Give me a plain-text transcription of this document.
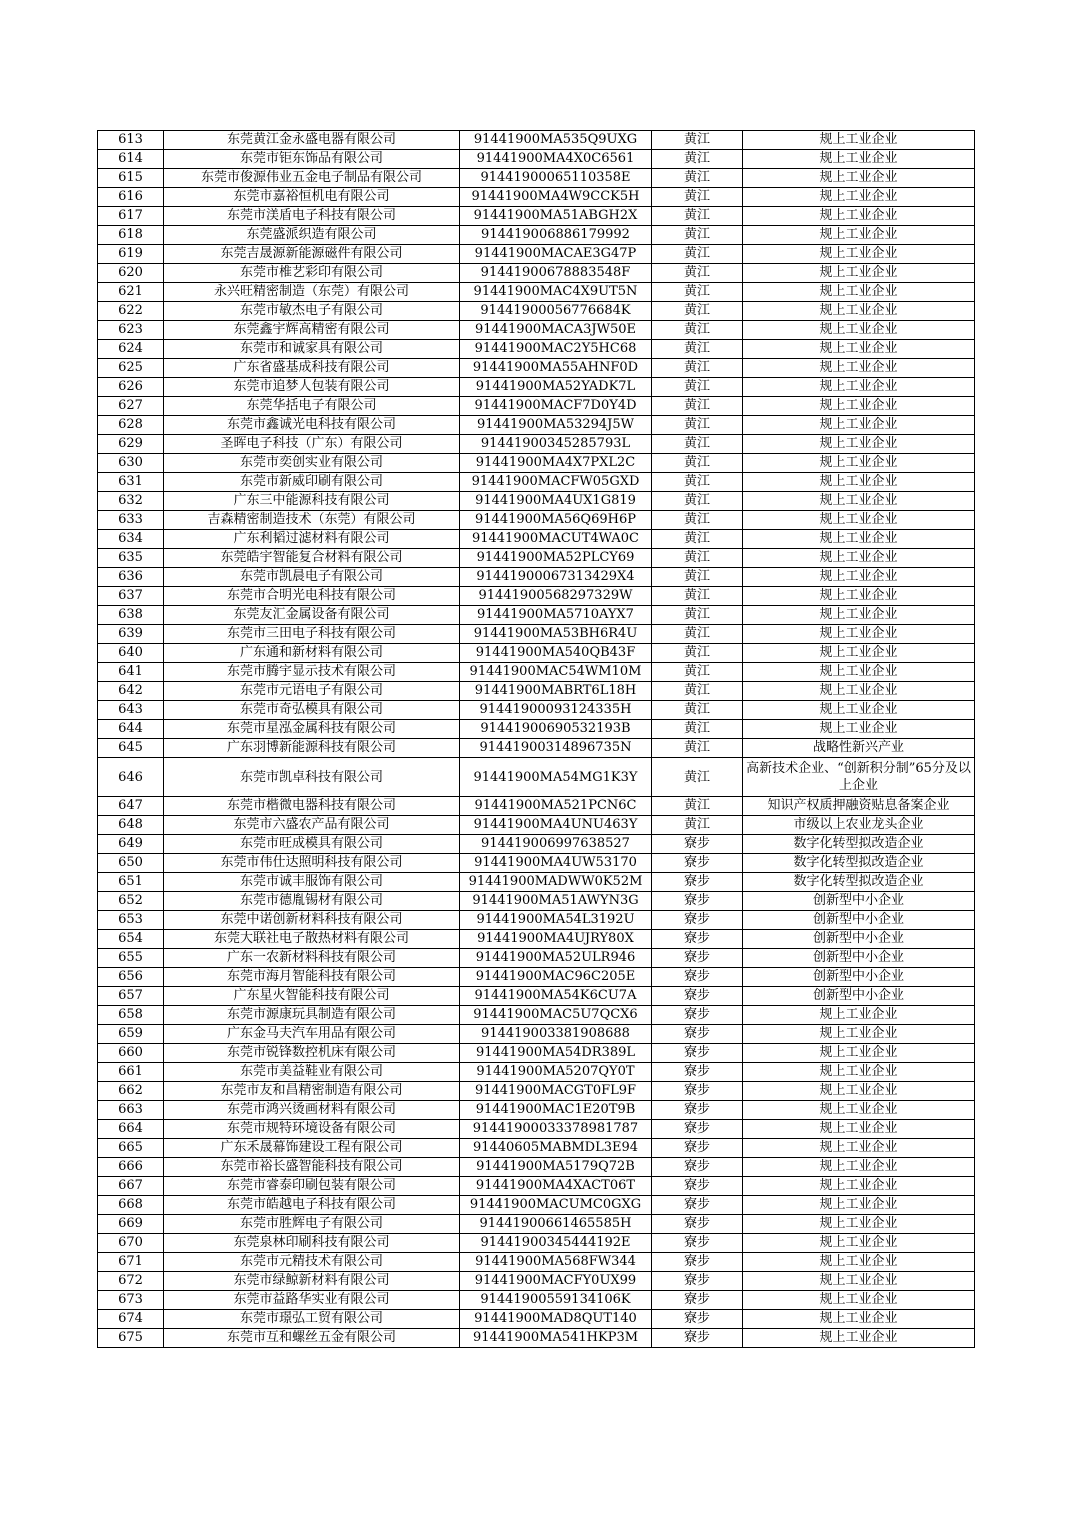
613	东莞黄江金永盛电器有限公司	91441900MA535Q9UXG	黄江	规上工业企业
614	东莞市钜东饰品有限公司	91441900MA4X0C6561	黄江	规上工业企业
615	东莞市俊源伟业五金电子制品有限公司	91441900065110358E	黄江	规上工业企业
616	东莞市嘉裕恒机电有限公司	91441900MA4W9CCK5H	黄江	规上工业企业
617	东莞市渼盾电子科技有限公司	91441900MA51ABGH2X	黄江	规上工业企业
618	东莞盛派织造有限公司	914419006886179992	黄江	规上工业企业
619	东莞吉晟源新能源磁件有限公司	91441900MACAE3G47P	黄江	规上工业企业
620	东莞市椎艺彩印有限公司	91441900678883548F	黄江	规上工业企业
621	永兴旺精密制造（东莞）有限公司	91441900MAC4X9UT5N	黄江	规上工业企业
622	东莞市敏杰电子有限公司	91441900056776684K	黄江	规上工业企业
623	东莞鑫宇辉高精密有限公司	91441900MACA3JW50E	黄江	规上工业企业
624	东莞市和诚家具有限公司	91441900MAC2Y5HC68	黄江	规上工业企业
625	广东省盛基成科技有限公司	91441900MA55AHNF0D	黄江	规上工业企业
626	东莞市追梦人包装有限公司	91441900MA52YADK7L	黄江	规上工业企业
627	东莞华括电子有限公司	91441900MACF7D0Y4D	黄江	规上工业企业
628	东莞市鑫诚光电科技有限公司	91441900MA53294J5W	黄江	规上工业企业
629	圣晖电子科技（广东）有限公司	91441900345285793L	黄江	规上工业企业
630	东莞市奕创实业有限公司	91441900MA4X7PXL2C	黄江	规上工业企业
631	东莞市新威印刷有限公司	91441900MACFW05GXD	黄江	规上工业企业
632	广东三中能源科技有限公司	91441900MA4UX1G819	黄江	规上工业企业
633	吉森精密制造技术（东莞）有限公司	91441900MA56Q69H6P	黄江	规上工业企业
634	广东利韬过滤材料有限公司	91441900MACUT4WA0C	黄江	规上工业企业
635	东莞皓宇智能复合材料有限公司	91441900MA52PLCY69	黄江	规上工业企业
636	东莞市凯晨电子有限公司	91441900067313429X4	黄江	规上工业企业
637	东莞市合明光电科技有限公司	91441900568297329W	黄江	规上工业企业
638	东莞友汇金属设备有限公司	91441900MA5710AYX7	黄江	规上工业企业
639	东莞市三田电子科技有限公司	91441900MA53BH6R4U	黄江	规上工业企业
640	广东通和新材料有限公司	91441900MA540QB43F	黄江	规上工业企业
641	东莞市腾宇显示技术有限公司	91441900MAC54WM10M	黄江	规上工业企业
642	东莞市元语电子有限公司	91441900MABRT6L18H	黄江	规上工业企业
643	东莞市奇弘模具有限公司	91441900093124335H	黄江	规上工业企业
644	东莞市星泓金属科技有限公司	91441900690532193B	黄江	规上工业企业
645	广东羽博新能源科技有限公司	91441900314896735N	黄江	战略性新兴产业
646	东莞市凯卓科技有限公司	91441900MA54MG1K3Y	黄江	高新技术企业、“创新积分制”65分及以上企业
647	东莞市楷微电器科技有限公司	91441900MA521PCN6C	黄江	知识产权质押融资贴息备案企业
648	东莞市六盛农产品有限公司	91441900MA4UNU463Y	黄江	市级以上农业龙头企业
649	东莞市旺成模具有限公司	914419006997638527	寮步	数字化转型拟改造企业
650	东莞市伟仕达照明科技有限公司	91441900MA4UW53170	寮步	数字化转型拟改造企业
651	东莞市诚丰服饰有限公司	91441900MADWW0K52M	寮步	数字化转型拟改造企业
652	东莞市德胤锡材有限公司	91441900MA51AWYN3G	寮步	创新型中小企业
653	东莞中诺创新材料科技有限公司	91441900MA54L3192U	寮步	创新型中小企业
654	东莞大联社电子散热材料有限公司	91441900MA4UJRY80X	寮步	创新型中小企业
655	广东一农新材料科技有限公司	91441900MA52ULR946	寮步	创新型中小企业
656	东莞市海月智能科技有限公司	91441900MAC96C205E	寮步	创新型中小企业
657	广东星火智能科技有限公司	91441900MA54K6CU7A	寮步	创新型中小企业
658	东莞市源康玩具制造有限公司	91441900MAC5U7QCX6	寮步	规上工业企业
659	广东金马夫汽车用品有限公司	914419003381908688	寮步	规上工业企业
660	东莞市锐锋数控机床有限公司	91441900MA54DR389L	寮步	规上工业企业
661	东莞市美益鞋业有限公司	91441900MA5207QY0T	寮步	规上工业企业
662	东莞市友和昌精密制造有限公司	91441900MACGT0FL9F	寮步	规上工业企业
663	东莞市鸿兴烫画材料有限公司	91441900MAC1E20T9B	寮步	规上工业企业
664	东莞市规特环境设备有限公司	91441900033378981787	寮步	规上工业企业
665	广东禾晟幕饰建设工程有限公司	91440605MABMDL3E94	寮步	规上工业企业
666	东莞市裕长盛智能科技有限公司	91441900MA5179Q72B	寮步	规上工业企业
667	东莞市睿泰印刷包装有限公司	91441900MA4XACT06T	寮步	规上工业企业
668	东莞市皓越电子科技有限公司	91441900MACUMC0GXG	寮步	规上工业企业
669	东莞市胜辉电子有限公司	91441900661465585H	寮步	规上工业企业
670	东莞泉林印刷科技有限公司	91441900345444192E	寮步	规上工业企业
671	东莞市元精技术有限公司	91441900MA568FW344	寮步	规上工业企业
672	东莞市绿鲸新材料有限公司	91441900MACFY0UX99	寮步	规上工业企业
673	东莞市益路华实业有限公司	91441900559134106K	寮步	规上工业企业
674	东莞市璟弘工贸有限公司	91441900MAD8QUT140	寮步	规上工业企业
675	东莞市互和螺丝五金有限公司	91441900MA541HKP3M	寮步	规上工业企业
